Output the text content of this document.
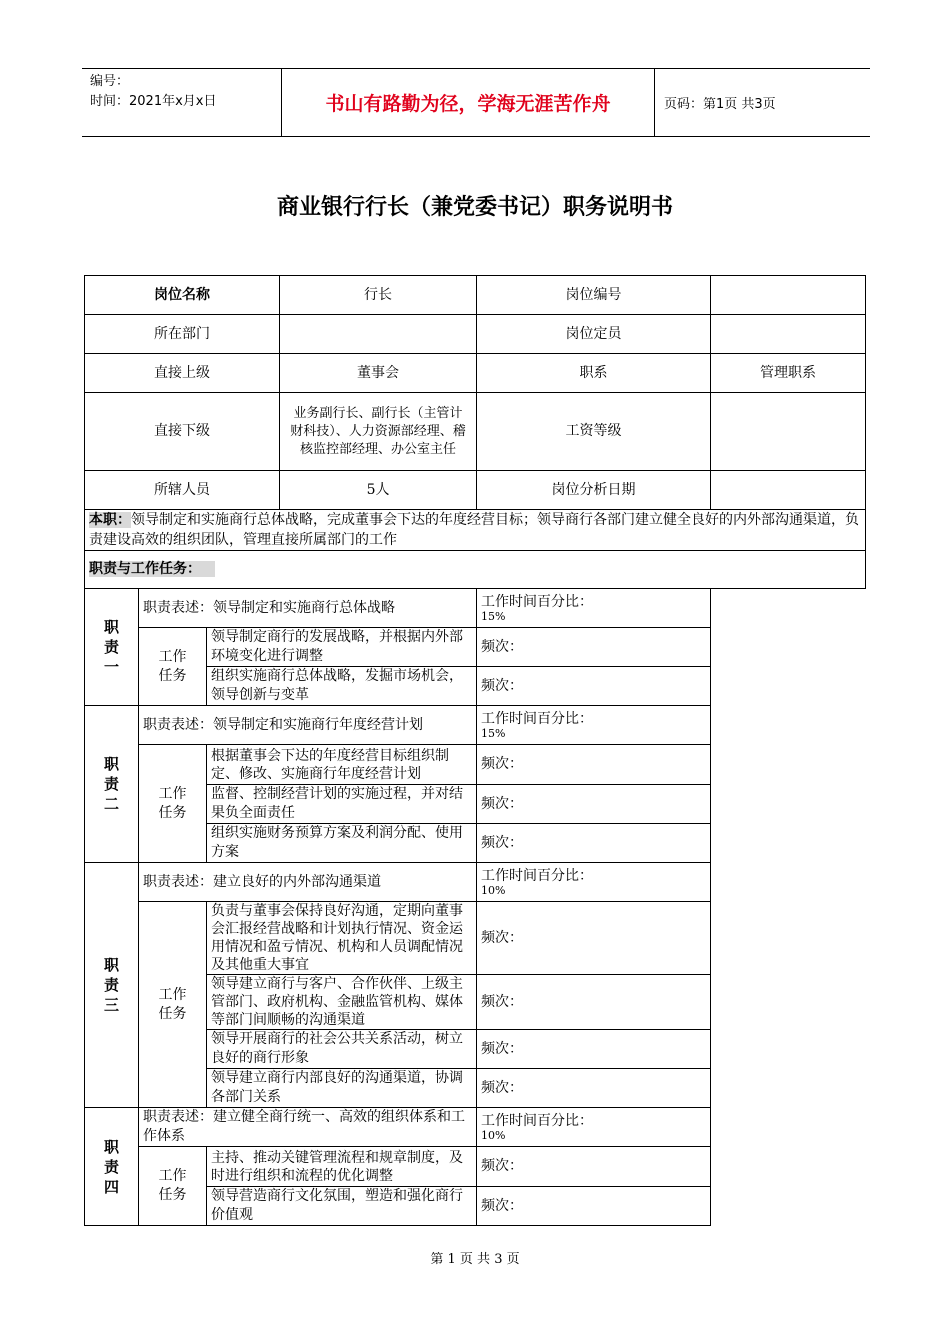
编号：
时间：2021年x月x日	书山有路勤为径，学海无涯苦作舟	页码：第1页 共3页
商业银行行长（兼党委书记）职务说明书
岗位名称			行长	岗位编号	
所在部门				岗位定员	
直接上级			董事会	职系	管理职系
直接下级			业务副行长、副行长（主管计财科技）、人力资源部经理、稽核监控部经理、办公室主任	工资等级	
所辖人员			5人	岗位分析日期	
本职：领导制定和实施商行总体战略，完成董事会下达的年度经营目标；领导商行各部门建立健全良好的内外部沟通渠道，负责建设高效的组织团队，管理直接所属部门的工作					
职责与工作任务：					
职责一	职责表述：领导制定和实施商行总体战略			工作时间百分比：
15%	

	工作任务	领导制定商行的发展战略，并根据内外部环境变化进行调整		频次：	
		组织实施商行总体战略，发掘市场机会，领导创新与变革		频次：	
职责二	职责表述：领导制定和实施商行年度经营计划			工作时间百分比：
15%	

	工作任务	根据董事会下达的年度经营目标组织制定、修改、实施商行年度经营计划		频次：	
		监督、控制经营计划的实施过程，并对结果负全面责任		频次：	
		组织实施财务预算方案及利润分配、使用方案		频次：	
职责三	职责表述：建立良好的内外部沟通渠道			工作时间百分比：
10%	

	工作任务	负责与董事会保持良好沟通，定期向董事会汇报经营战略和计划执行情况、资金运用情况和盈亏情况、机构和人员调配情况及其他重大事宜		频次：	
		领导建立商行与客户、合作伙伴、上级主管部门、政府机构、金融监管机构、媒体等部门间顺畅的沟通渠道		频次：	
		领导开展商行的社会公共关系活动，树立良好的商行形象		频次：	
		领导建立商行内部良好的沟通渠道，协调各部门关系		频次：	
职责四	职责表述：建立健全商行统一、高效的组织体系和工作体系			工作时间百分比：
10%	

	工作任务	主持、推动关键管理流程和规章制度，及时进行组织和流程的优化调整		频次：	
		领导营造商行文化氛围，塑造和强化商行价值观		频次：	
第 1 页 共 3 页
